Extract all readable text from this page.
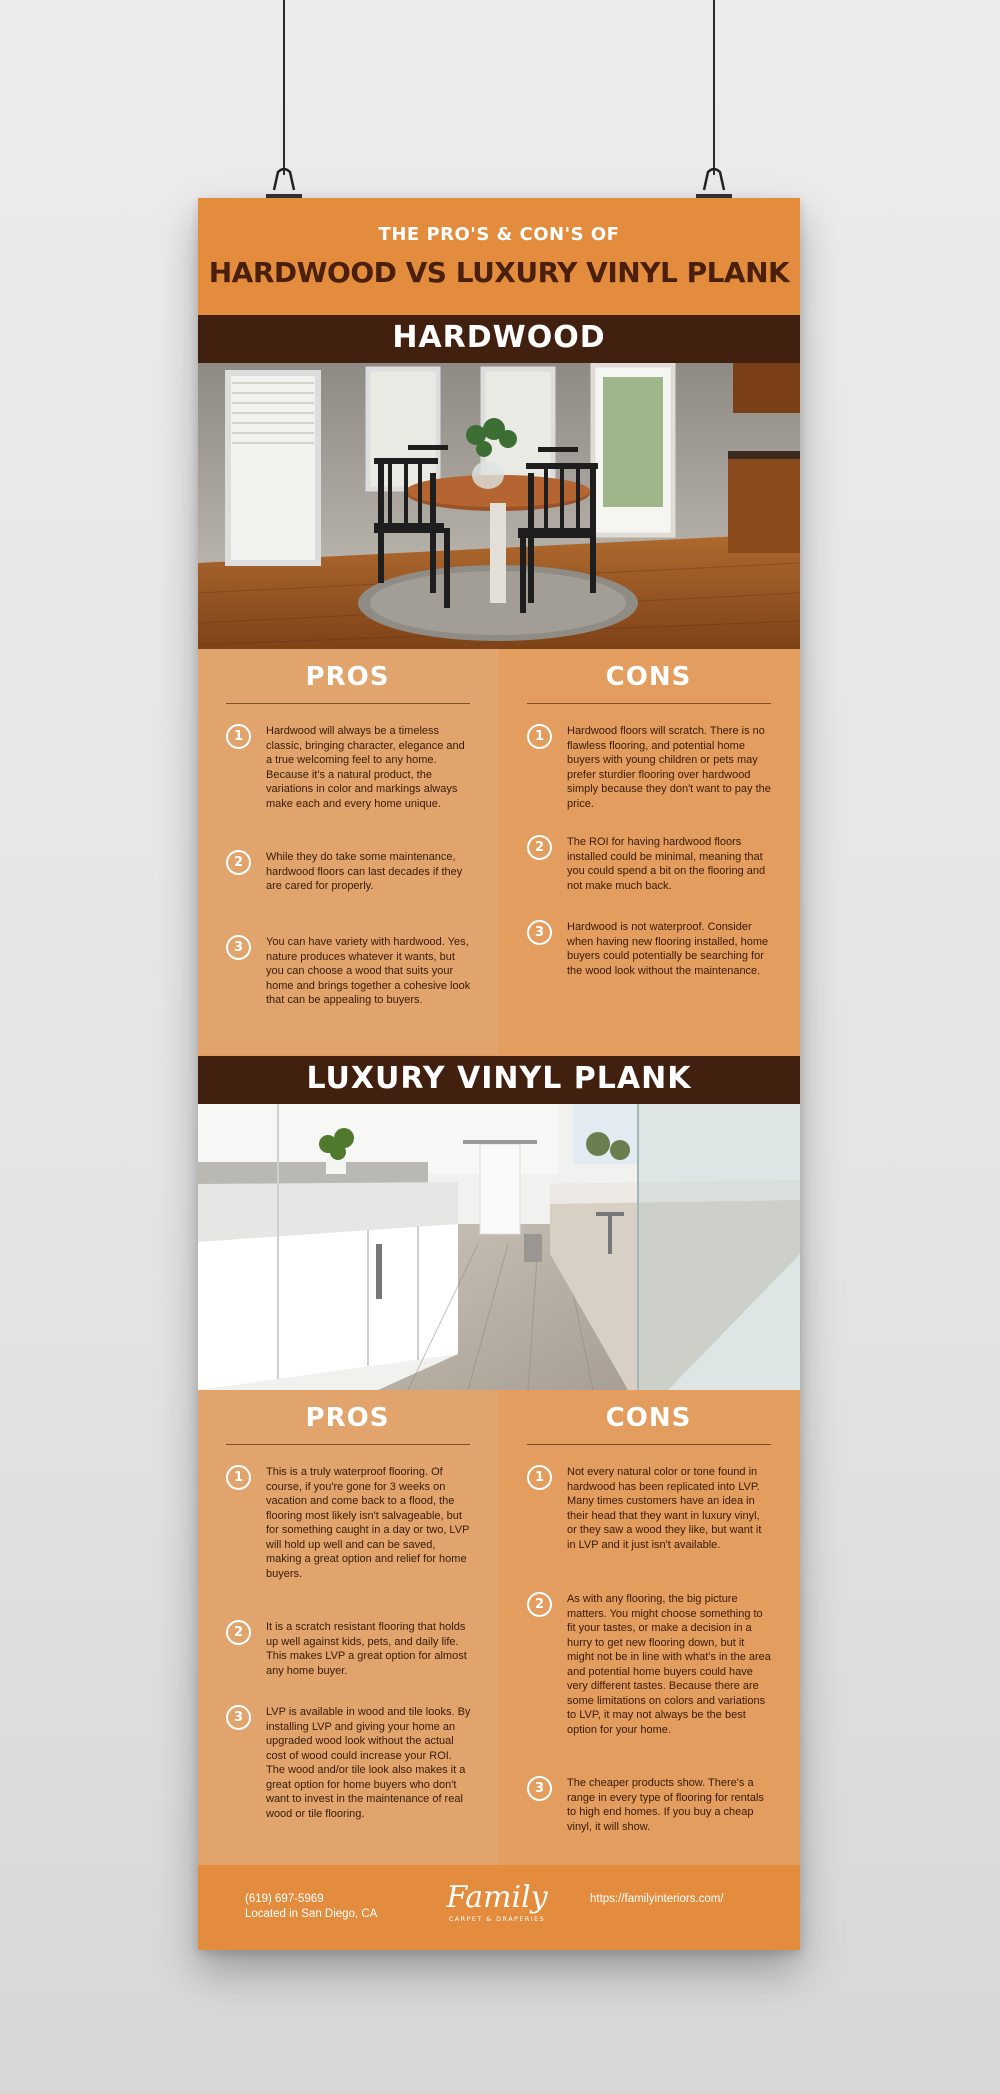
THE PRO'S & CON'S OF
HARDWOOD VS LUXURY VINYL PLANK
HARDWOOD
PROS	CONS
1	Hardwood will always be a timeless classic, bringing character, elegance and a true welcoming feel to any home. Because it's a natural product, the variations in color and markings always make each and every home unique.
2	While they do take some maintenance, hardwood floors can last decades if they are cared for properly.
3	You can have variety with hardwood. Yes, nature produces whatever it wants, but you can choose a wood that suits your home and brings together a cohesive look that can be appealing to buyers.
1	Hardwood floors will scratch. There is no flawless flooring, and potential home buyers with young children or pets may prefer sturdier flooring over hardwood simply because they don't want to pay the price.
2	The ROI for having hardwood floors installed could be minimal, meaning that you could spend a bit on the flooring and not make much back.
3	Hardwood is not waterproof. Consider when having new flooring installed, home buyers could potentially be searching for the wood look without the maintenance.
LUXURY VINYL PLANK
PROS	CONS
1	This is a truly waterproof flooring. Of course, if you're gone for 3 weeks on vacation and come back to a flood, the flooring most likely isn't salvageable, but for something caught in a day or two, LVP will hold up well and can be saved, making a great option and relief for home buyers.
2	It is a scratch resistant flooring that holds up well against kids, pets, and daily life. This makes LVP a great option for almost any home buyer.
3	LVP is available in wood and tile looks. By installing LVP and giving your home an upgraded wood look without the actual cost of wood could increase your ROI. The wood and/or tile look also makes it a great option for home buyers who don't want to invest in the maintenance of real wood or tile flooring.
1	Not every natural color or tone found in hardwood has been replicated into LVP. Many times customers have an idea in their head that they want in luxury vinyl, or they saw a wood they like, but want it in LVP and it just isn't available.
2	As with any flooring, the big picture matters. You might choose something to fit your tastes, or make a decision in a hurry to get new flooring down, but it might not be in line with what's in the area and potential home buyers could have very different tastes. Because there are some limitations on colors and variations to LVP, it may not always be the best option for your home.
3	The cheaper products show. There's a range in every type of flooring for rentals to high end homes. If you buy a cheap vinyl, it will show.
(619) 697-5969
Located in San Diego, CA	Family
CARPET & DRAPERIES
https://familyinteriors.com/
